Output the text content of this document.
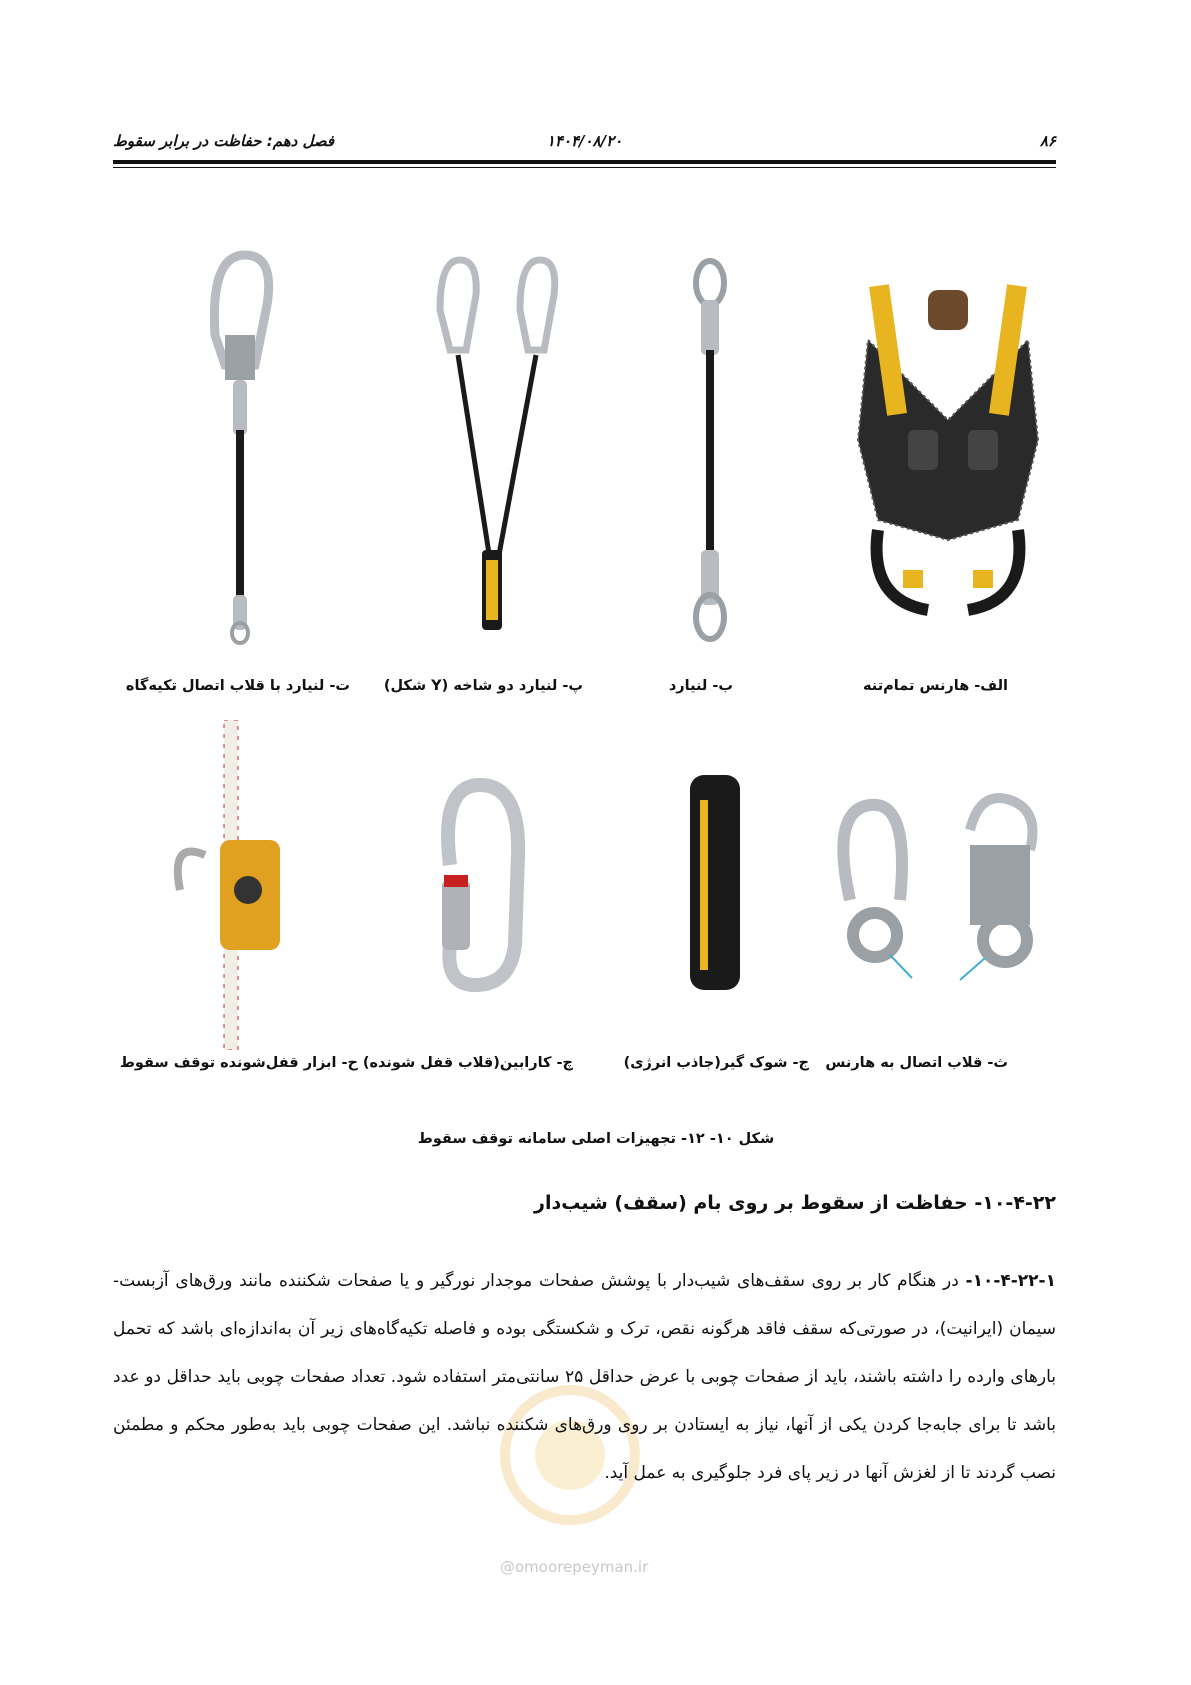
۸۶
۱۴۰۴/۰۸/۲۰
فصل دهم: حفاظت در برابر سقوط
الف- هارنس تمام‌تنه
ب- لنیارد
پ- لنیارد دو شاخه (Y شکل)
ت- لنیارد با قلاب اتصال تکیه‌گاه
ث- قلاب اتصال به هارنس
ج- شوک گیر(جاذب انرژی)
چ- کارابین(قلاب قفل شونده)
ح- ابزار قفل‌شونده توقف سقوط
شکل ۱۰- ۱۲- تجهیزات اصلی سامانه توقف سقوط
۱۰-۴-۲۲- حفاظت از سقوط بر روی بام (سقف) شیب‌دار
@omoorepeyman.ir
۱۰-۴-۲۲-۱- در هنگام کار بر روی سقف‌های شیب‌دار با پوشش صفحات موجدار نورگیر و یا صفحات شکننده مانند ورق‌های آزبست- سیمان (ایرانیت)، در صورتی‌که سقف فاقد هرگونه نقص، ترک و شکستگی بوده و فاصله تکیه‌گاه‌های زیر آن به‌اندازه‌ای باشد که تحمل بارهای وارده را داشته باشند، باید از صفحات چوبی با عرض حداقل ۲۵ سانتی‌متر استفاده شود. تعداد صفحات چوبی باید حداقل دو عدد باشد تا برای جابه‌جا کردن یکی از آنها، نیاز به ایستادن بر روی ورق‌های شکننده نباشد. این صفحات چوبی باید به‌طور محکم و مطمئن نصب گردند تا از لغزش آنها در زیر پای فرد جلوگیری به عمل آید.
